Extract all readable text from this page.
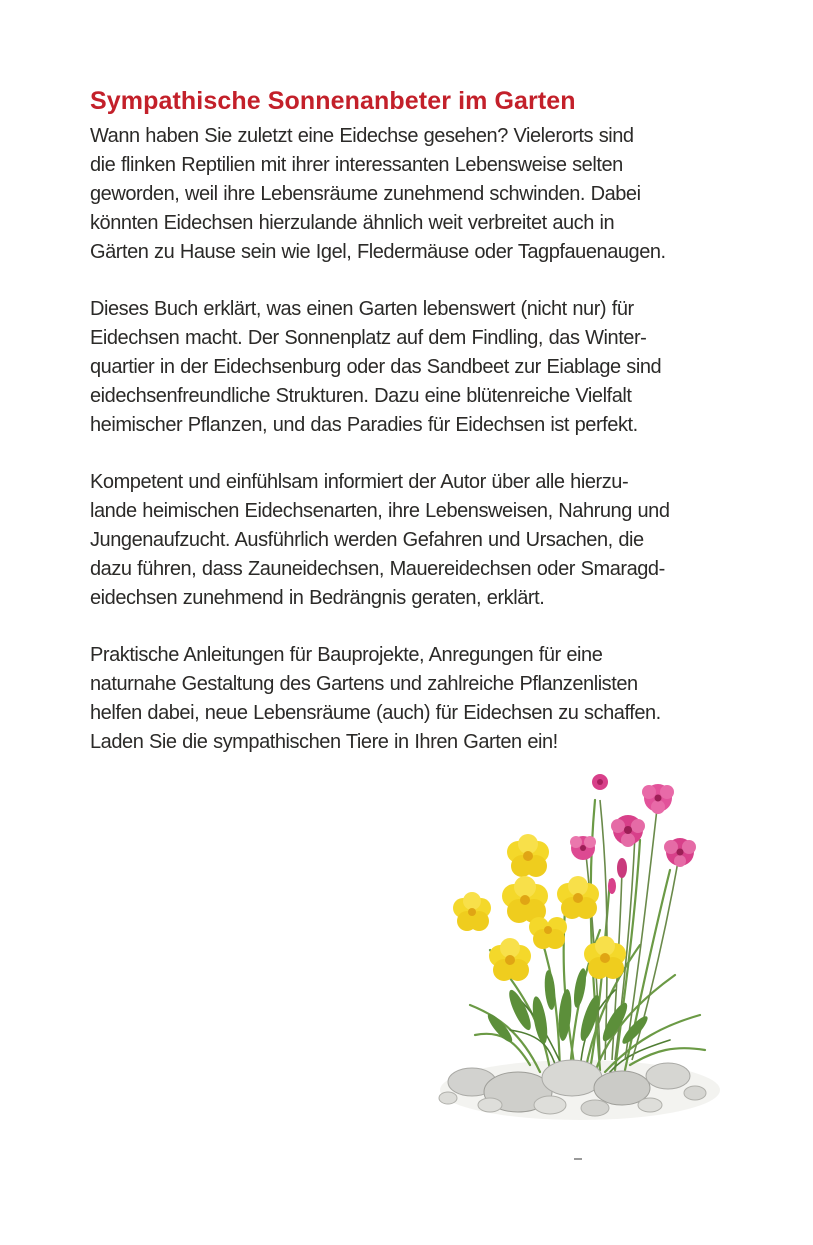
Sympathische Sonnenanbeter im Garten

Wann haben Sie zuletzt eine Eidechse gesehen? Vielerorts sind
die flinken Reptilien mit ihrer interessanten Lebensweise selten
geworden, weil ihre Lebensräume zunehmend schwinden. Dabei
könnten Eidechsen hierzulande ähnlich weit verbreitet auch in
Gärten zu Hause sein wie Igel, Fledermäuse oder Tagpfauenaugen.

Dieses Buch erklärt, was einen Garten lebenswert (nicht nur) für
Eidechsen macht. Der Sonnenplatz auf dem Findling, das Winter-
quartier in der Eidechsenburg oder das Sandbeet zur Eiablage sind
eidechsenfreundliche Strukturen. Dazu eine blütenreiche Vielfalt
heimischer Pflanzen, und das Paradies für Eidechsen ist perfekt.

Kompetent und einfühlsam informiert der Autor über alle hierzu-
lande heimischen Eidechsenarten, ihre Lebensweisen, Nahrung und
Jungenaufzucht. Ausführlich werden Gefahren und Ursachen, die
dazu führen, dass Zauneidechsen, Mauereidechsen oder Smaragd-
eidechsen zunehmend in Bedrängnis geraten, erklärt.

Praktische Anleitungen für Bauprojekte, Anregungen für eine
naturnahe Gestaltung des Gartens und zahlreiche Pflanzenlisten
helfen dabei, neue Lebensräume (auch) für Eidechsen zu schaffen.
Laden Sie die sympathischen Tiere in Ihren Garten ein!
